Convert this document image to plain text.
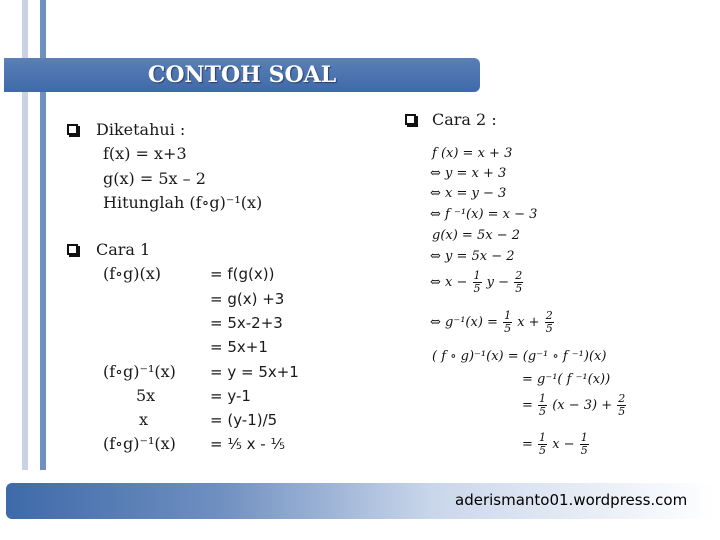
CONTOH SOAL
Diketahui :
f(x) = x+3
g(x) = 5x – 2
Hitunglah (f∘g)⁻¹(x)
Cara 1
(f∘g)(x)	= f(g(x))
= g(x) +3
= 5x-2+3
= 5x+1
(f∘g)⁻¹(x) = y = 5x+1
5x	= y-1
x	= (y-1)/5
(f∘g)⁻¹(x) = ⅕ x - ⅕
Cara 2 :
f (x) = x + 3
⇔ y = x + 3
⇔ x = y − 3
⇔ f ⁻¹(x) = x − 3
g(x) = 5x − 2
⇔ y = 5x − 2
⇔ $x - \frac{1}{5}$ $y - \frac{2}{5}$
⇔ $g^{-1}(x) = \frac{1}{5}$ $x + \frac{2}{5}$
( f ∘ g)⁻¹(x) = (g⁻¹ ∘ f ⁻¹)(x)
= g⁻¹( f ⁻¹(x))
= $\frac{1}{5} (x - 3) + \frac{2}{5}$
= $\frac{1}{5}$ $x - \frac{1}{5}$
aderismanto01.wordpress.com
